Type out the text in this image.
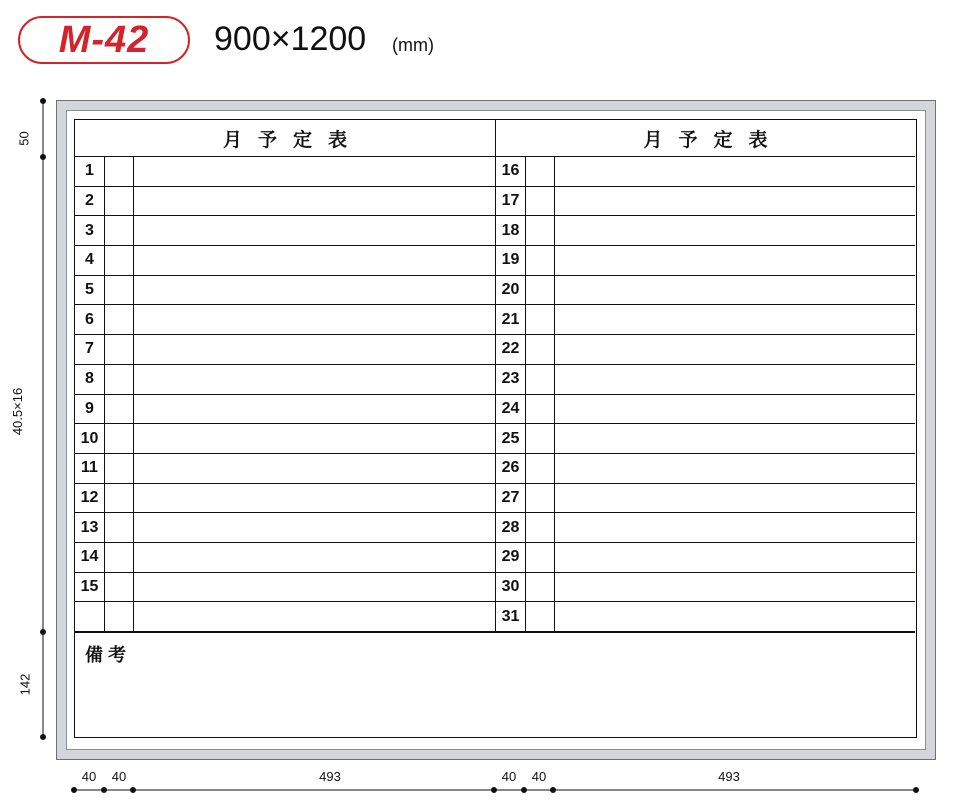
M-42 900×1200 (mm)
月予定表
1
2
3
4
5
6
7
8
9
10
11
12
13
14
15
月予定表
16
17
18
19
20
21
22
23
24
25
26
27
28
29
30
31
備考
50
40.5×16
142
40 40	493	40 40	493
